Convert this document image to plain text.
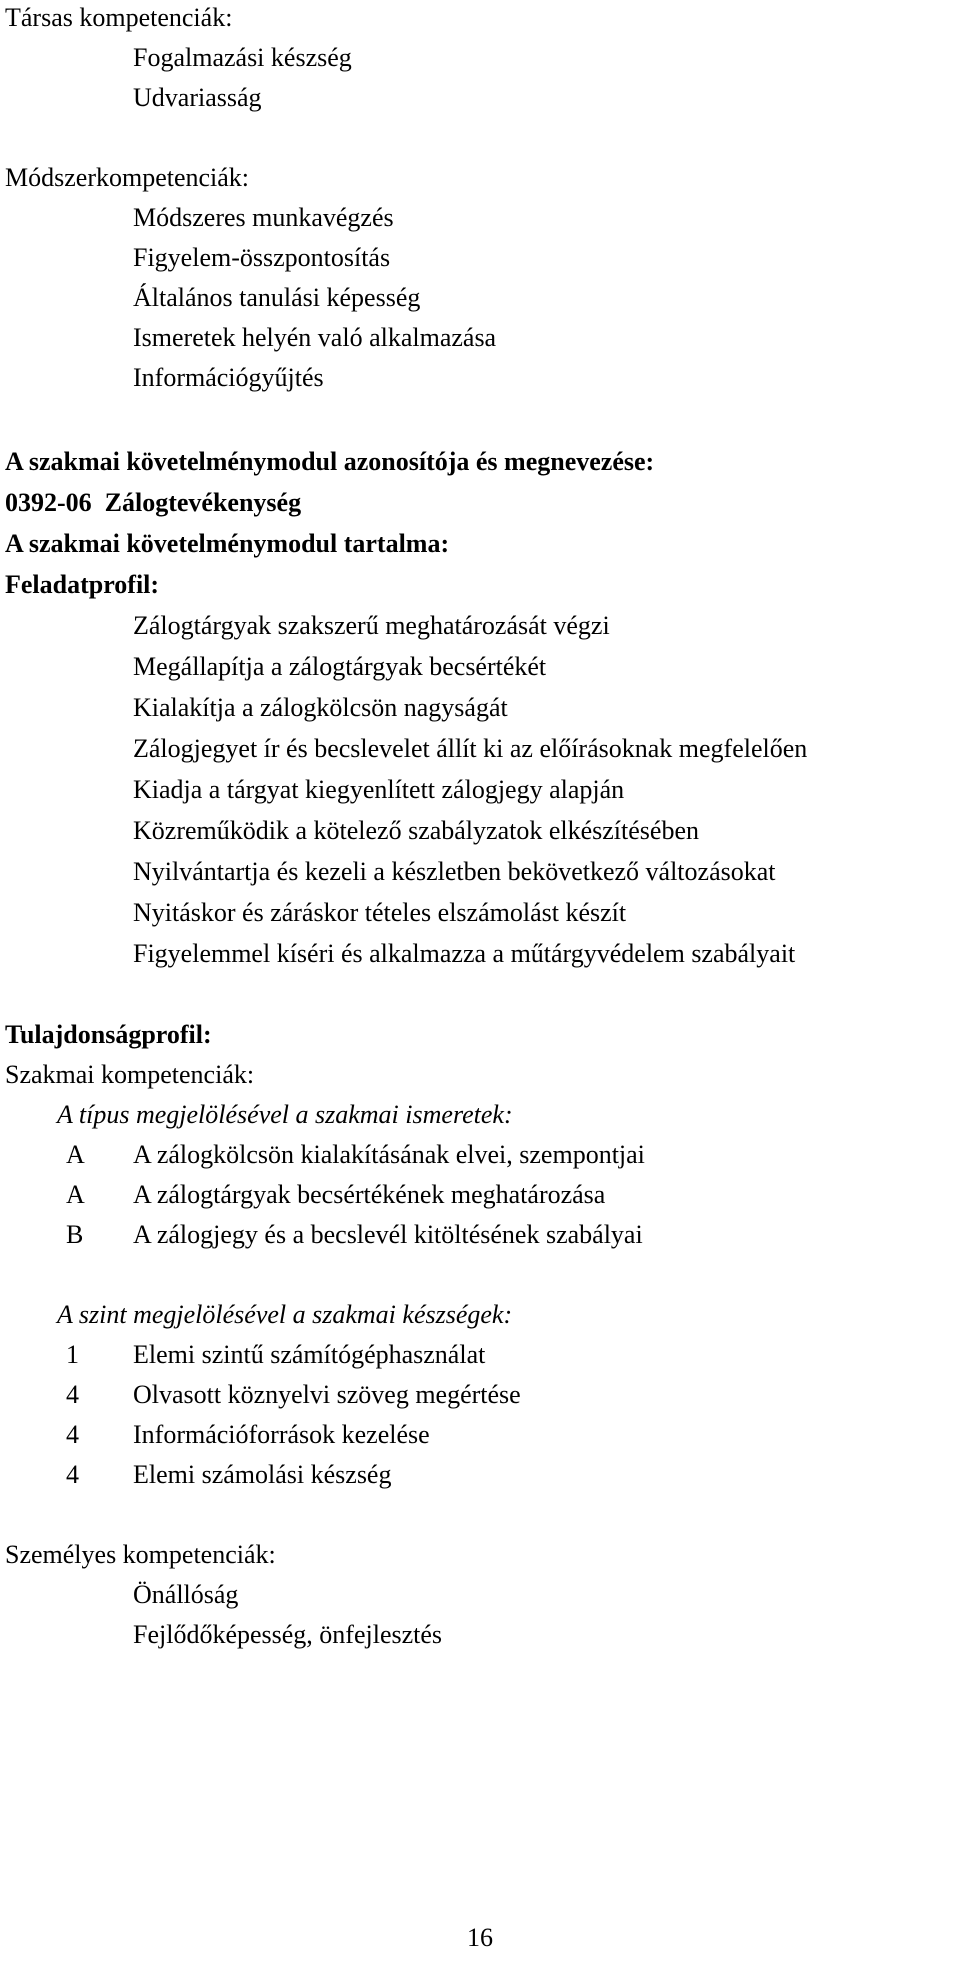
Társas kompetenciák:
Fogalmazási készség
Udvariasság
Módszerkompetenciák:
Módszeres munkavégzés
Figyelem-összpontosítás
Általános tanulási képesség
Ismeretek helyén való alkalmazása
Információgyűjtés
A szakmai követelménymodul azonosítója és megnevezése:
0392-06  Zálogtevékenység
A szakmai követelménymodul tartalma:
Feladatprofil:
Zálogtárgyak szakszerű meghatározását végzi
Megállapítja a zálogtárgyak becsértékét
Kialakítja a zálogkölcsön nagyságát
Zálogjegyet ír és becslevelet állít ki az előírásoknak megfelelően
Kiadja a tárgyat kiegyenlített zálogjegy alapján
Közreműködik a kötelező szabályzatok elkészítésében
Nyilvántartja és kezeli a készletben bekövetkező változásokat
Nyitáskor és záráskor tételes elszámolást készít
Figyelemmel kíséri és alkalmazza a műtárgyvédelem szabályait
Tulajdonságprofil:
Szakmai kompetenciák:
A típus megjelölésével a szakmai ismeretek:
A A zálogkölcsön kialakításának elvei, szempontjai
A A zálogtárgyak becsértékének meghatározása
B A zálogjegy és a becslevél kitöltésének szabályai
A szint megjelölésével a szakmai készségek:
1 Elemi szintű számítógéphasználat
4 Olvasott köznyelvi szöveg megértése
4 Információforrások kezelése
4 Elemi számolási készség
Személyes kompetenciák:
Önállóság
Fejlődőképesség, önfejlesztés
16
